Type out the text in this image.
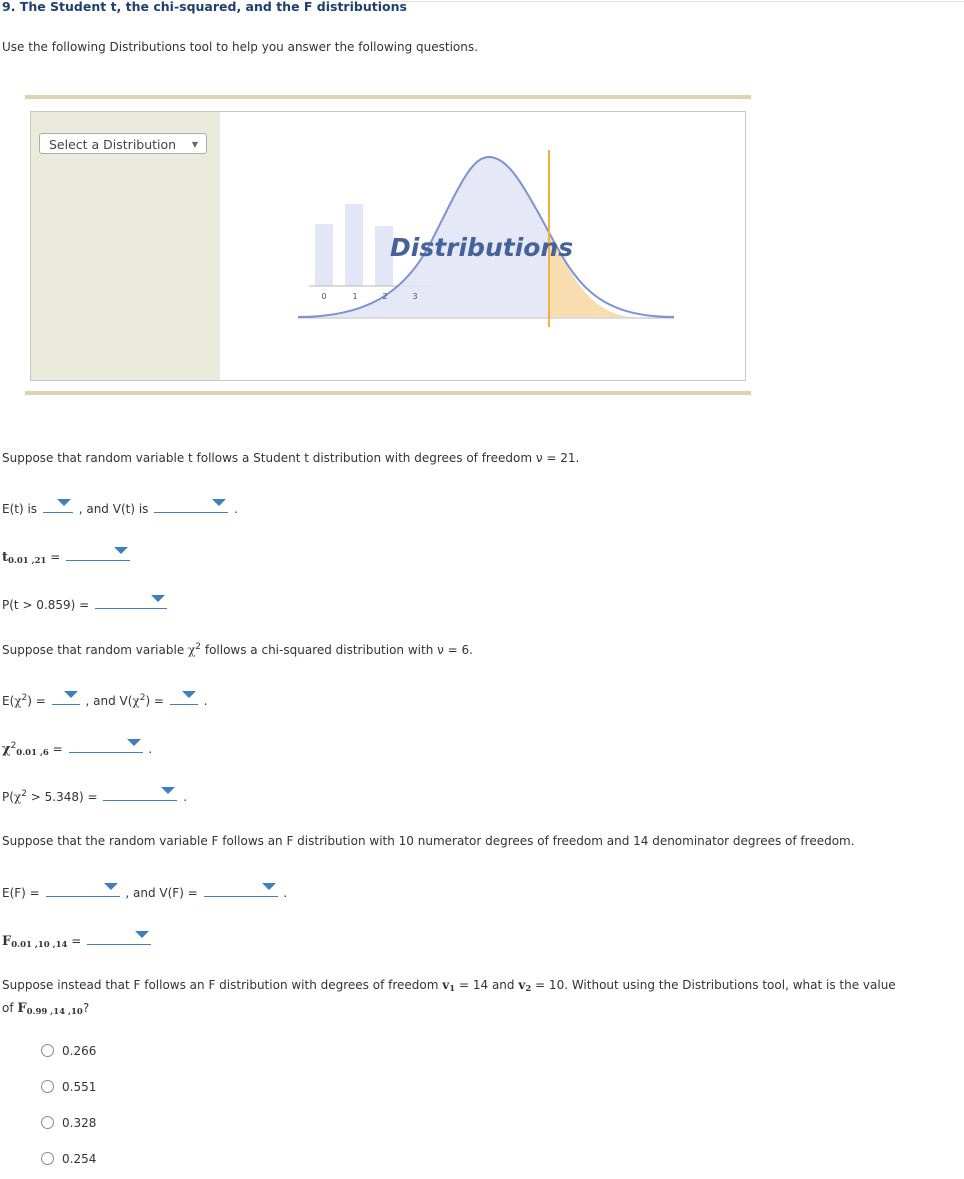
9. The Student t, the chi-squared, and the F distributions
Use the following Distributions tool to help you answer the following questions.
Select a Distribution ▼
0	1	2	3
Distributions
Suppose that random variable t follows a Student t distribution with degrees of freedom ν = 21.
E(t) is	, and V(t) is	.
t0.01 ,21 =
P(t > 0.859) =
Suppose that random variable $\chi^2$ follows a chi-squared distribution with ν = 6.
$E(\chi^2)$ =	, and $V(\chi^2)$ =	.
$\chi^20.01$ ,6 =	.
$P(\chi^2 > 5.348)$ =	.
Suppose that the random variable F follows an F distribution with 10 numerator degrees of freedom and 14 denominator degrees of freedom.
E(F) =	, and V(F) =	.
F0.01 ,10 ,14 =
Suppose instead that F follows an F distribution with degrees of freedom v1 = 14 and v2 = 10. Without using the Distributions tool, what is the value
of F0.99 ,14 ,10?
0.266
0.551
0.328
0.254
